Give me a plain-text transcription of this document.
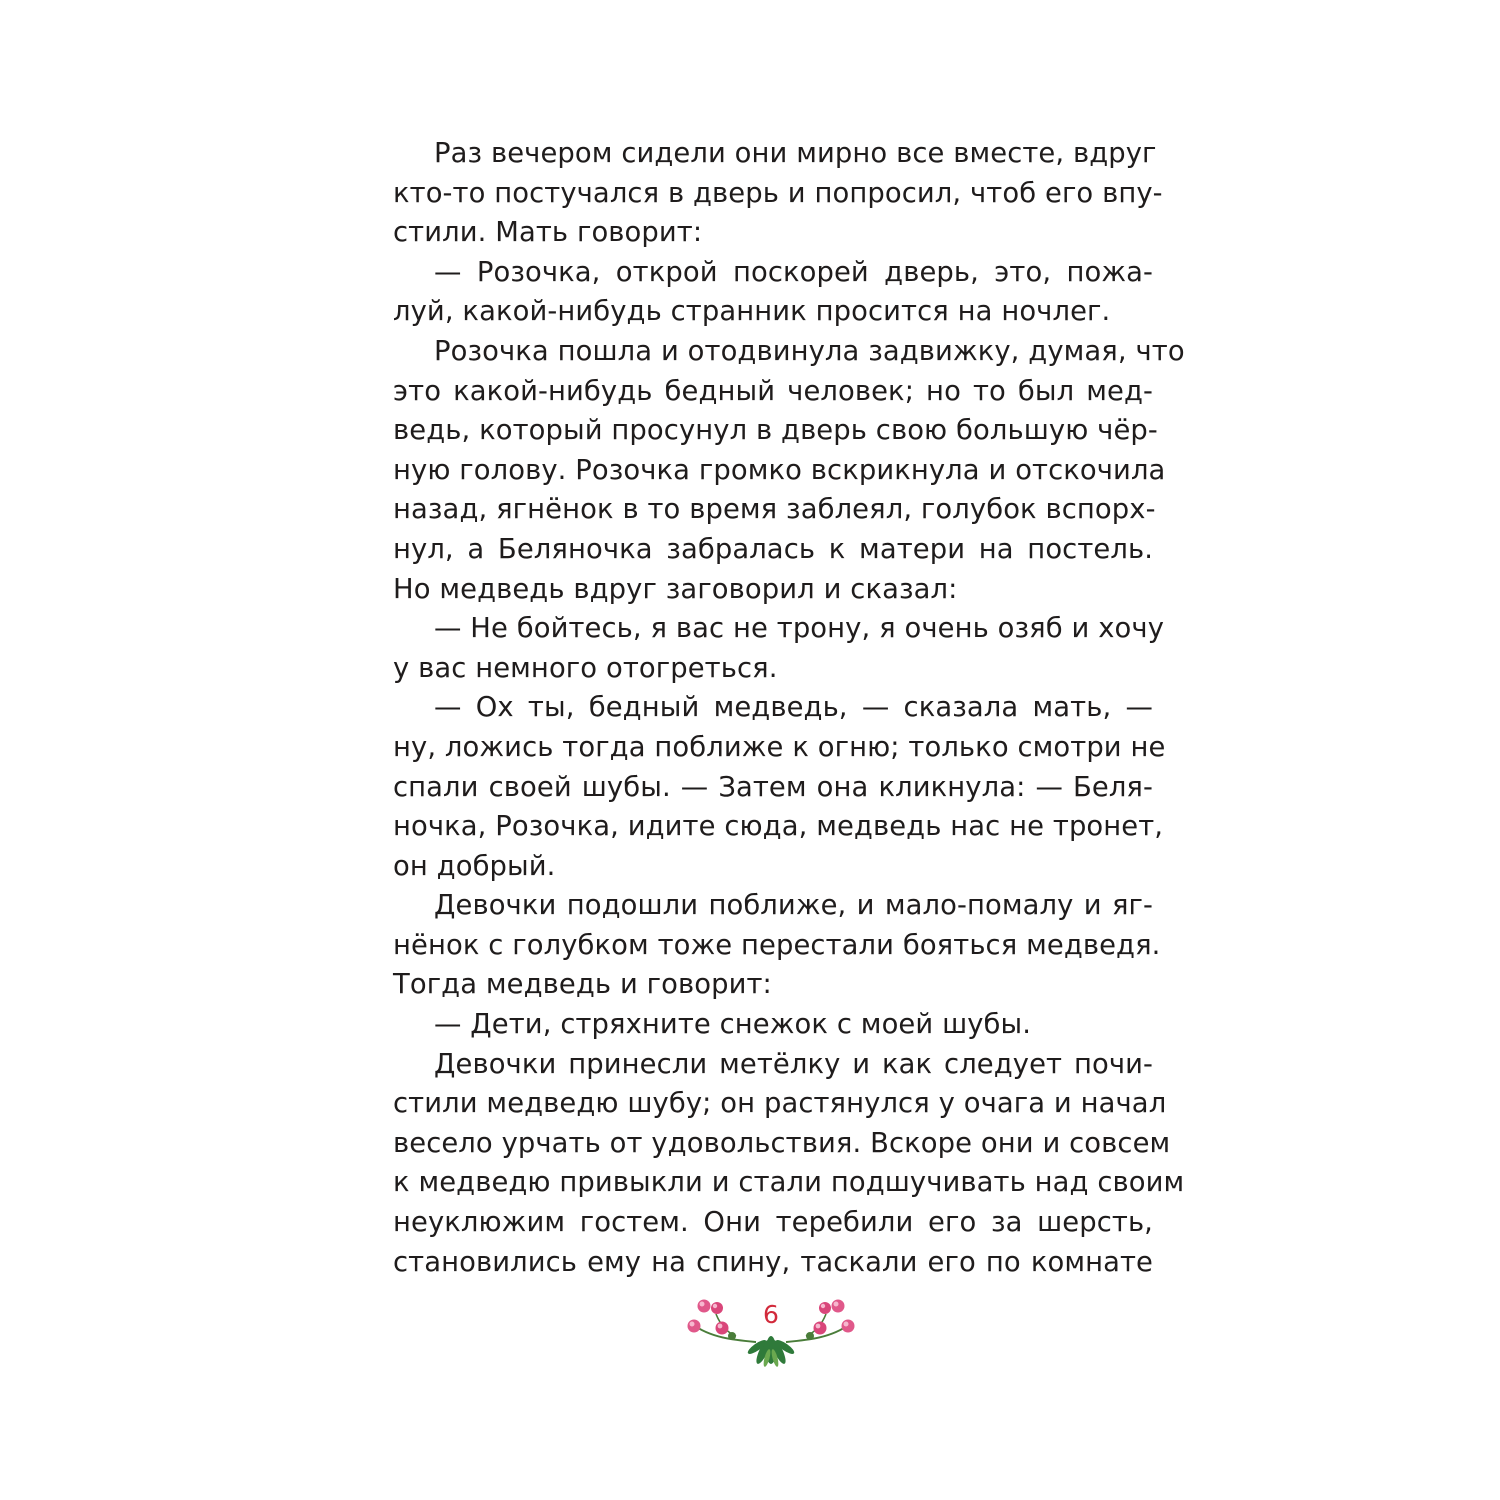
Раз вечером сидели они мирно все вместе, вдруг
кто-то постучался в дверь и попросил, чтоб его впу-
стили. Мать говорит:
— Розочка, открой поскорей дверь, это, пожа-
луй, какой-нибудь странник просится на ночлег.
Розочка пошла и отодвинула задвижку, думая, что
это какой-нибудь бедный человек; но то был мед-
ведь, который просунул в дверь свою большую чёр-
ную голову. Розочка громко вскрикнула и отскочила
назад, ягнёнок в то время заблеял, голубок вспорх-
нул, а Беляночка забралась к матери на постель.
Но медведь вдруг заговорил и сказал:
— Не бойтесь, я вас не трону, я очень озяб и хочу
у вас немного отогреться.
— Ох ты, бедный медведь, — сказала мать, —
ну, ложись тогда поближе к огню; только смотри не
спали своей шубы. — Затем она кликнула: — Беля-
ночка, Розочка, идите сюда, медведь нас не тронет,
он добрый.
Девочки подошли поближе, и мало-помалу и яг-
нёнок с голубком тоже перестали бояться медведя.
Тогда медведь и говорит:
— Дети, стряхните снежок с моей шубы.
Девочки принесли метёлку и как следует почи-
стили медведю шубу; он растянулся у очага и начал
весело урчать от удовольствия. Вскоре они и совсем
к медведю привыкли и стали подшучивать над своим
неуклюжим гостем. Они теребили его за шерсть,
становились ему на спину, таскали его по комнате
6
